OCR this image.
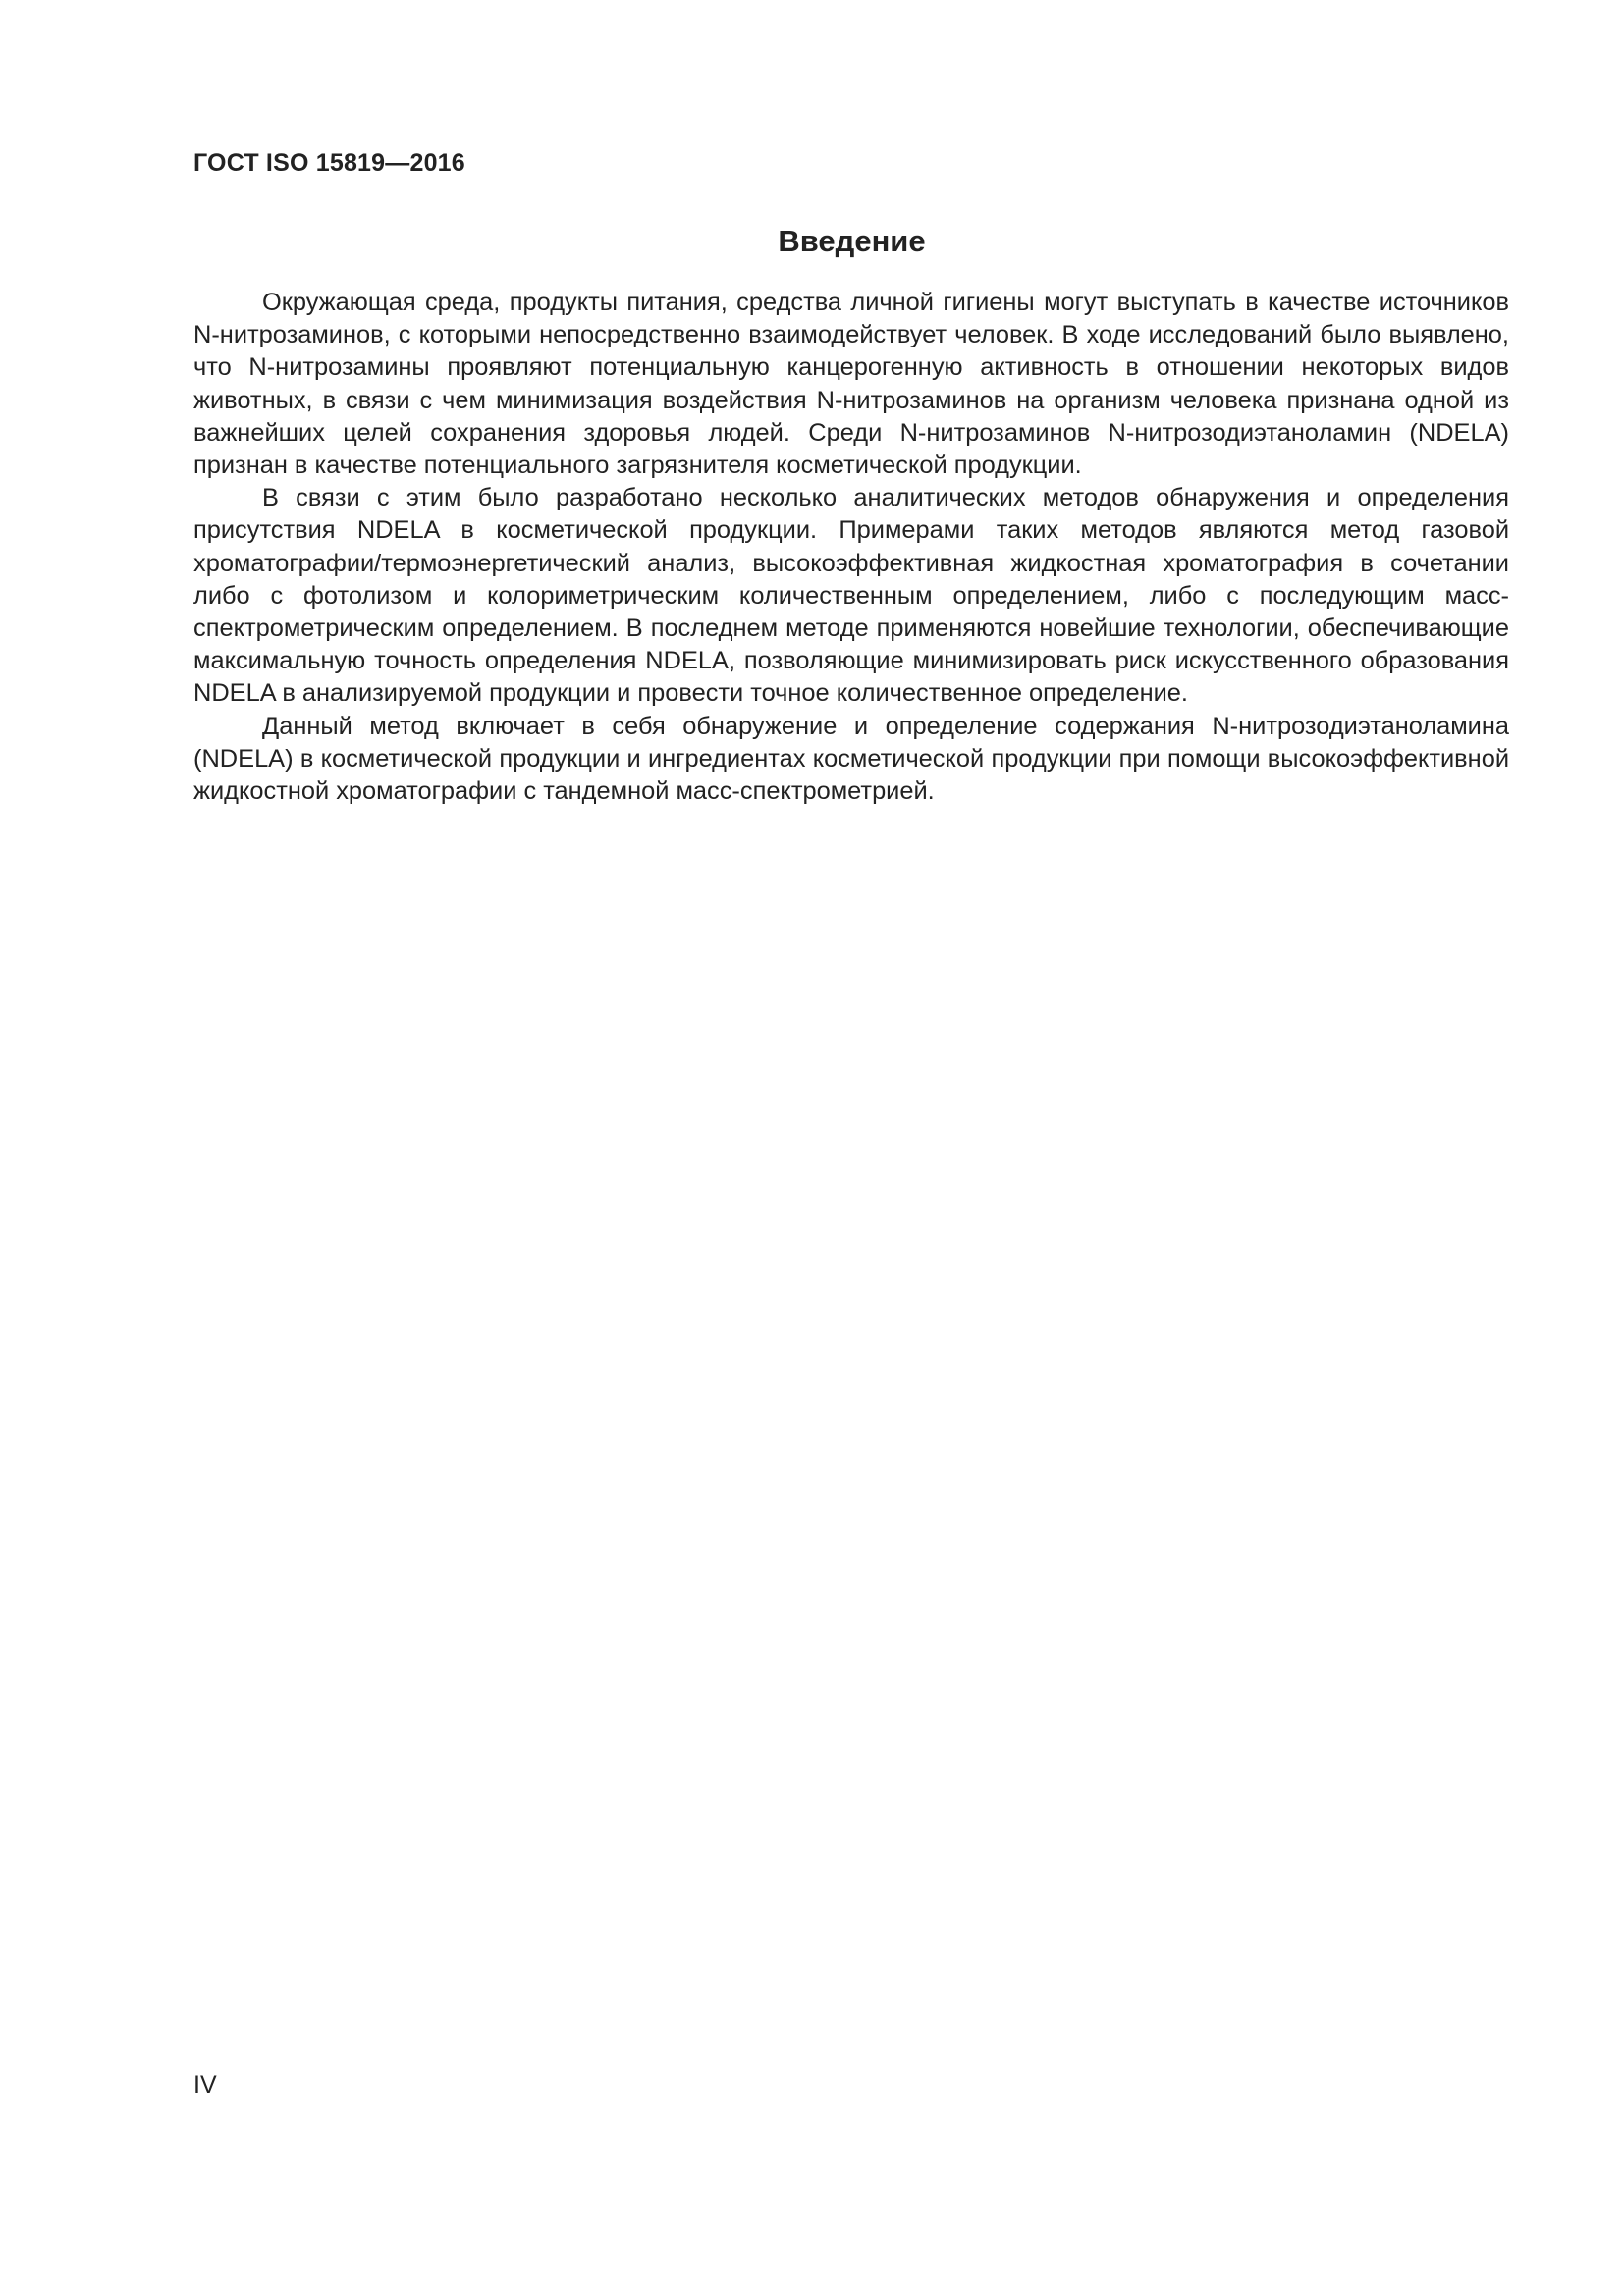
ГОСТ ISO 15819—2016
Введение

Окружающая среда, продукты питания, средства личной гигиены могут выступать в качестве источников N-нитрозаминов, с которыми непосредственно взаимодействует человек. В ходе исследований было выявлено, что N-нитрозамины проявляют потенциальную канцерогенную активность в отношении некоторых видов животных, в связи с чем минимизация воздействия N-нитрозаминов на организм человека признана одной из важнейших целей сохранения здоровья людей. Среди N-нитрозаминов N-нитрозодиэтаноламин (NDELA) признан в качестве потенциального загрязнителя косметической продукции.

В связи с этим было разработано несколько аналитических методов обнаружения и определения присутствия NDELA в косметической продукции. Примерами таких методов являются метод газовой хроматографии/термоэнергетический анализ, высокоэффективная жидкостная хроматография в сочетании либо с фотолизом и колориметрическим количественным определением, либо с последующим масс-спектрометрическим определением. В последнем методе применяются новейшие технологии, обеспечивающие максимальную точность определения NDELA, позволяющие минимизировать риск искусственного образования NDELA в анализируемой продукции и провести точное количественное определение.

Данный метод включает в себя обнаружение и определение содержания N-нитрозодиэтаноламина (NDELA) в косметической продукции и ингредиентах косметической продукции при помощи высокоэффективной жидкостной хроматографии с тандемной масс-спектрометрией.

IV
